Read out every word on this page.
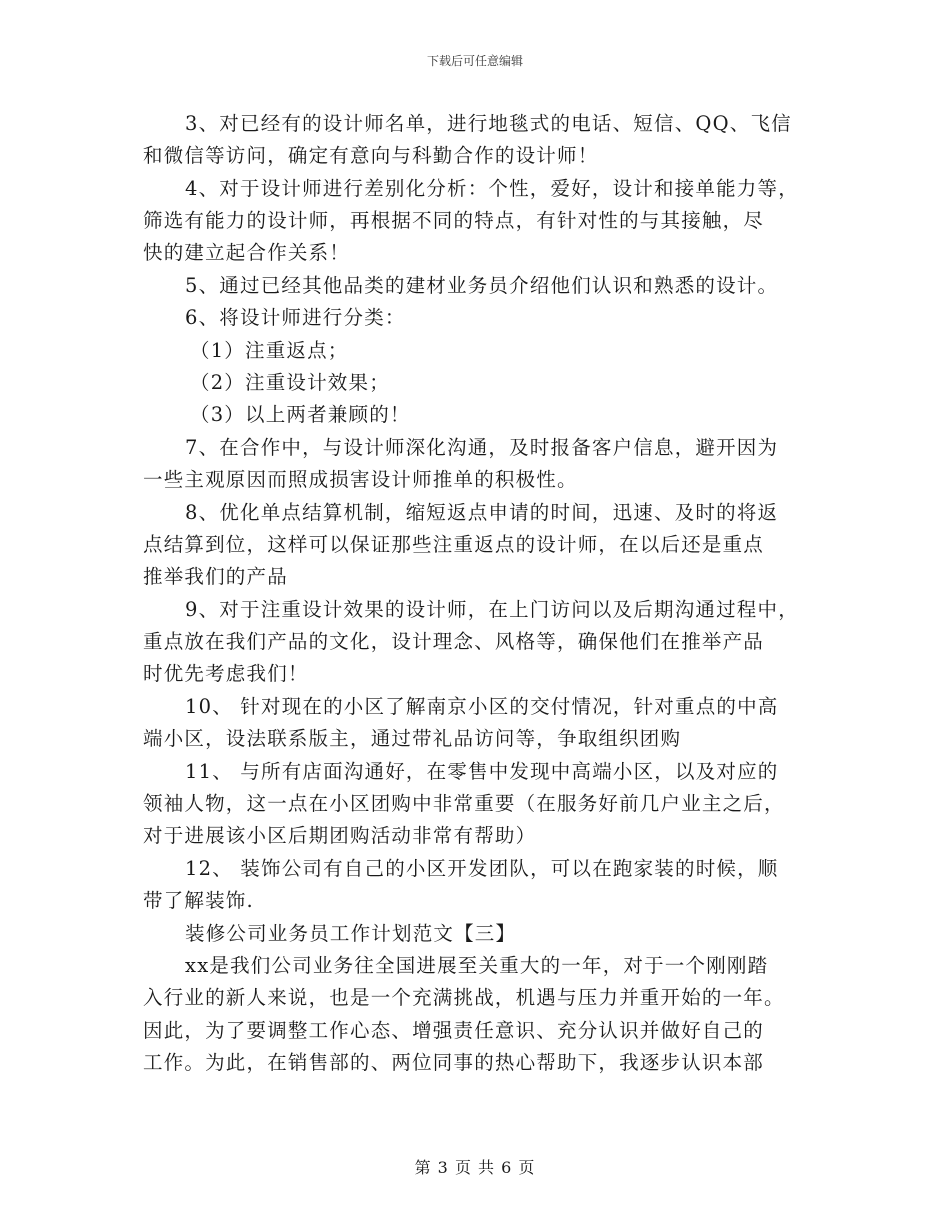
下载后可任意编辑
3、对已经有的设计师名单，进行地毯式的电话、短信、QQ、飞信
和微信等访问，确定有意向与科勤合作的设计师！
4、对于设计师进行差别化分析：个性，爱好，设计和接单能力等，
筛选有能力的设计师，再根据不同的特点，有针对性的与其接触，尽
快的建立起合作关系！
5、通过已经其他品类的建材业务员介绍他们认识和熟悉的设计。
6、将设计师进行分类：
（1）注重返点；
（2）注重设计效果；
（3）以上两者兼顾的！
7、在合作中，与设计师深化沟通，及时报备客户信息，避开因为
一些主观原因而照成损害设计师推单的积极性。
8、优化单点结算机制，缩短返点申请的时间，迅速、及时的将返
点结算到位，这样可以保证那些注重返点的设计师，在以后还是重点
推举我们的产品
9、对于注重设计效果的设计师，在上门访问以及后期沟通过程中，
重点放在我们产品的文化，设计理念、风格等，确保他们在推举产品
时优先考虑我们！
10、 针对现在的小区了解南京小区的交付情况，针对重点的中高
端小区，设法联系版主，通过带礼品访问等，争取组织团购
11、 与所有店面沟通好，在零售中发现中高端小区，以及对应的
领袖人物，这一点在小区团购中非常重要（在服务好前几户业主之后，
对于进展该小区后期团购活动非常有帮助）
12、 装饰公司有自己的小区开发团队，可以在跑家装的时候，顺
带了解装饰.
装修公司业务员工作计划范文【三】
xx是我们公司业务往全国进展至关重大的一年，对于一个刚刚踏
入行业的新人来说，也是一个充满挑战，机遇与压力并重开始的一年。
因此，为了要调整工作心态、增强责任意识、充分认识并做好自己的
工作。为此，在销售部的、两位同事的热心帮助下，我逐步认识本部
第 3 页 共 6 页
